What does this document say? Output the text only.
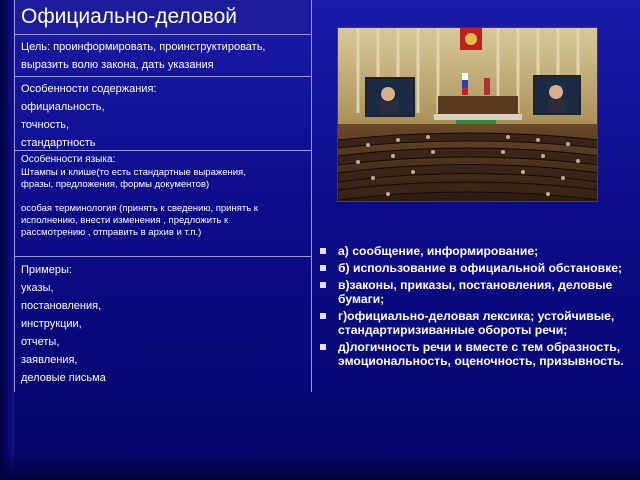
Официально-деловой
Цель: проинформировать, проинструктировать,
выразить волю закона, дать указания
Особенности содержания:
официальность,
точность,
стандартность
Особенности языка:
Штампы и клише(то есть стандартные выражения,
фразы, предложения, формы документов)
особая терминология (принять к сведению, принять к
исполнению, внести изменения , предложить к
рассмотрению , отправить в архив и т.п.)
Примеры:
указы,
постановления,
инструкции,
отчеты,
заявления,
деловые письма
а) сообщение, информирование;
б) использование в официальной обстановке;
в)законы, приказы, постановления, деловые бумаги;
г)официально-деловая лексика; устойчивые, стандартиризиванные обороты речи;
д)логичность речи и вместе с тем образность, эмоциональность, оценочность, призывность.
